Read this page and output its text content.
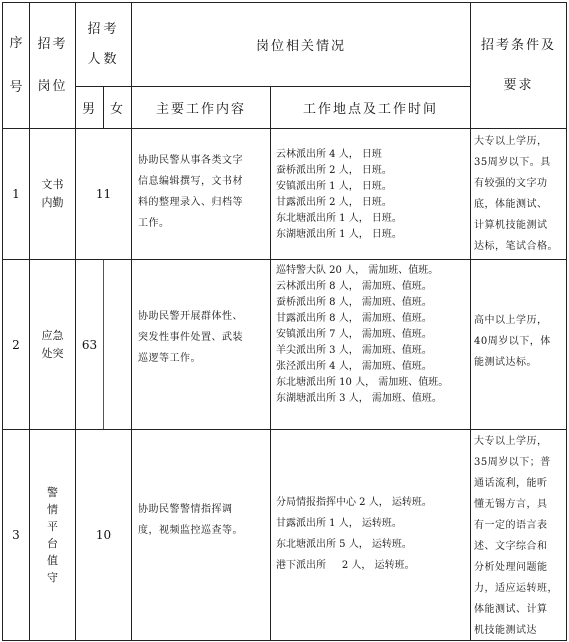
序
号
招考
岗位
招考
人数
男 女
岗位相关情况
主要工作内容	工作地点及工作时间
招考条件及
要求
1
文书
内勤
11
协助民警从事各类文字
信息编辑撰写，文书材
料的整理录入、归档等
工作。
云林派出所 4 人， 日班
蚕桥派出所 2 人， 日班。
安镇派出所 1 人， 日班。
甘露派出所 2 人， 日班。
东北塘派出所 1 人， 日班。
东湖塘派出所 1 人， 日班。
大专以上学历，
35周岁以下。具
有较强的文字功
底，体能测试、
计算机技能测试
达标，笔试合格。
2
应急
处突
63
协助民警开展群体性、
突发性事件处置、武装
巡逻等工作。
巡特警大队 20 人， 需加班、值班。
云林派出所 8 人， 需加班、值班。
蚕桥派出所 8 人， 需加班、值班。
甘露派出所 8 人， 需加班、值班。
安镇派出所 7 人， 需加班、值班。
羊尖派出所 3 人， 需加班、值班。
张泾派出所 4 人， 需加班、值班。
东北塘派出所 10 人， 需加班、值班。
东湖塘派出所 3 人， 需加班、值班。
高中以上学历，
40周岁以下，体
能测试达标。
3
警
情
平
台
值
守
10
协助民警警情指挥调
度，视频监控巡查等。
分局情报指挥中心 2 人， 运转班。
甘露派出所 1 人， 运转班。
东北塘派出所 5 人， 运转班。
港下派出所     2 人， 运转班。
大专以上学历，
35周岁以下；普
通话流利，能听
懂无锡方言，具
有一定的语言表
述、文字综合和
分析处理问题能
力，适应运转班，
体能测试、计算
机技能测试达
